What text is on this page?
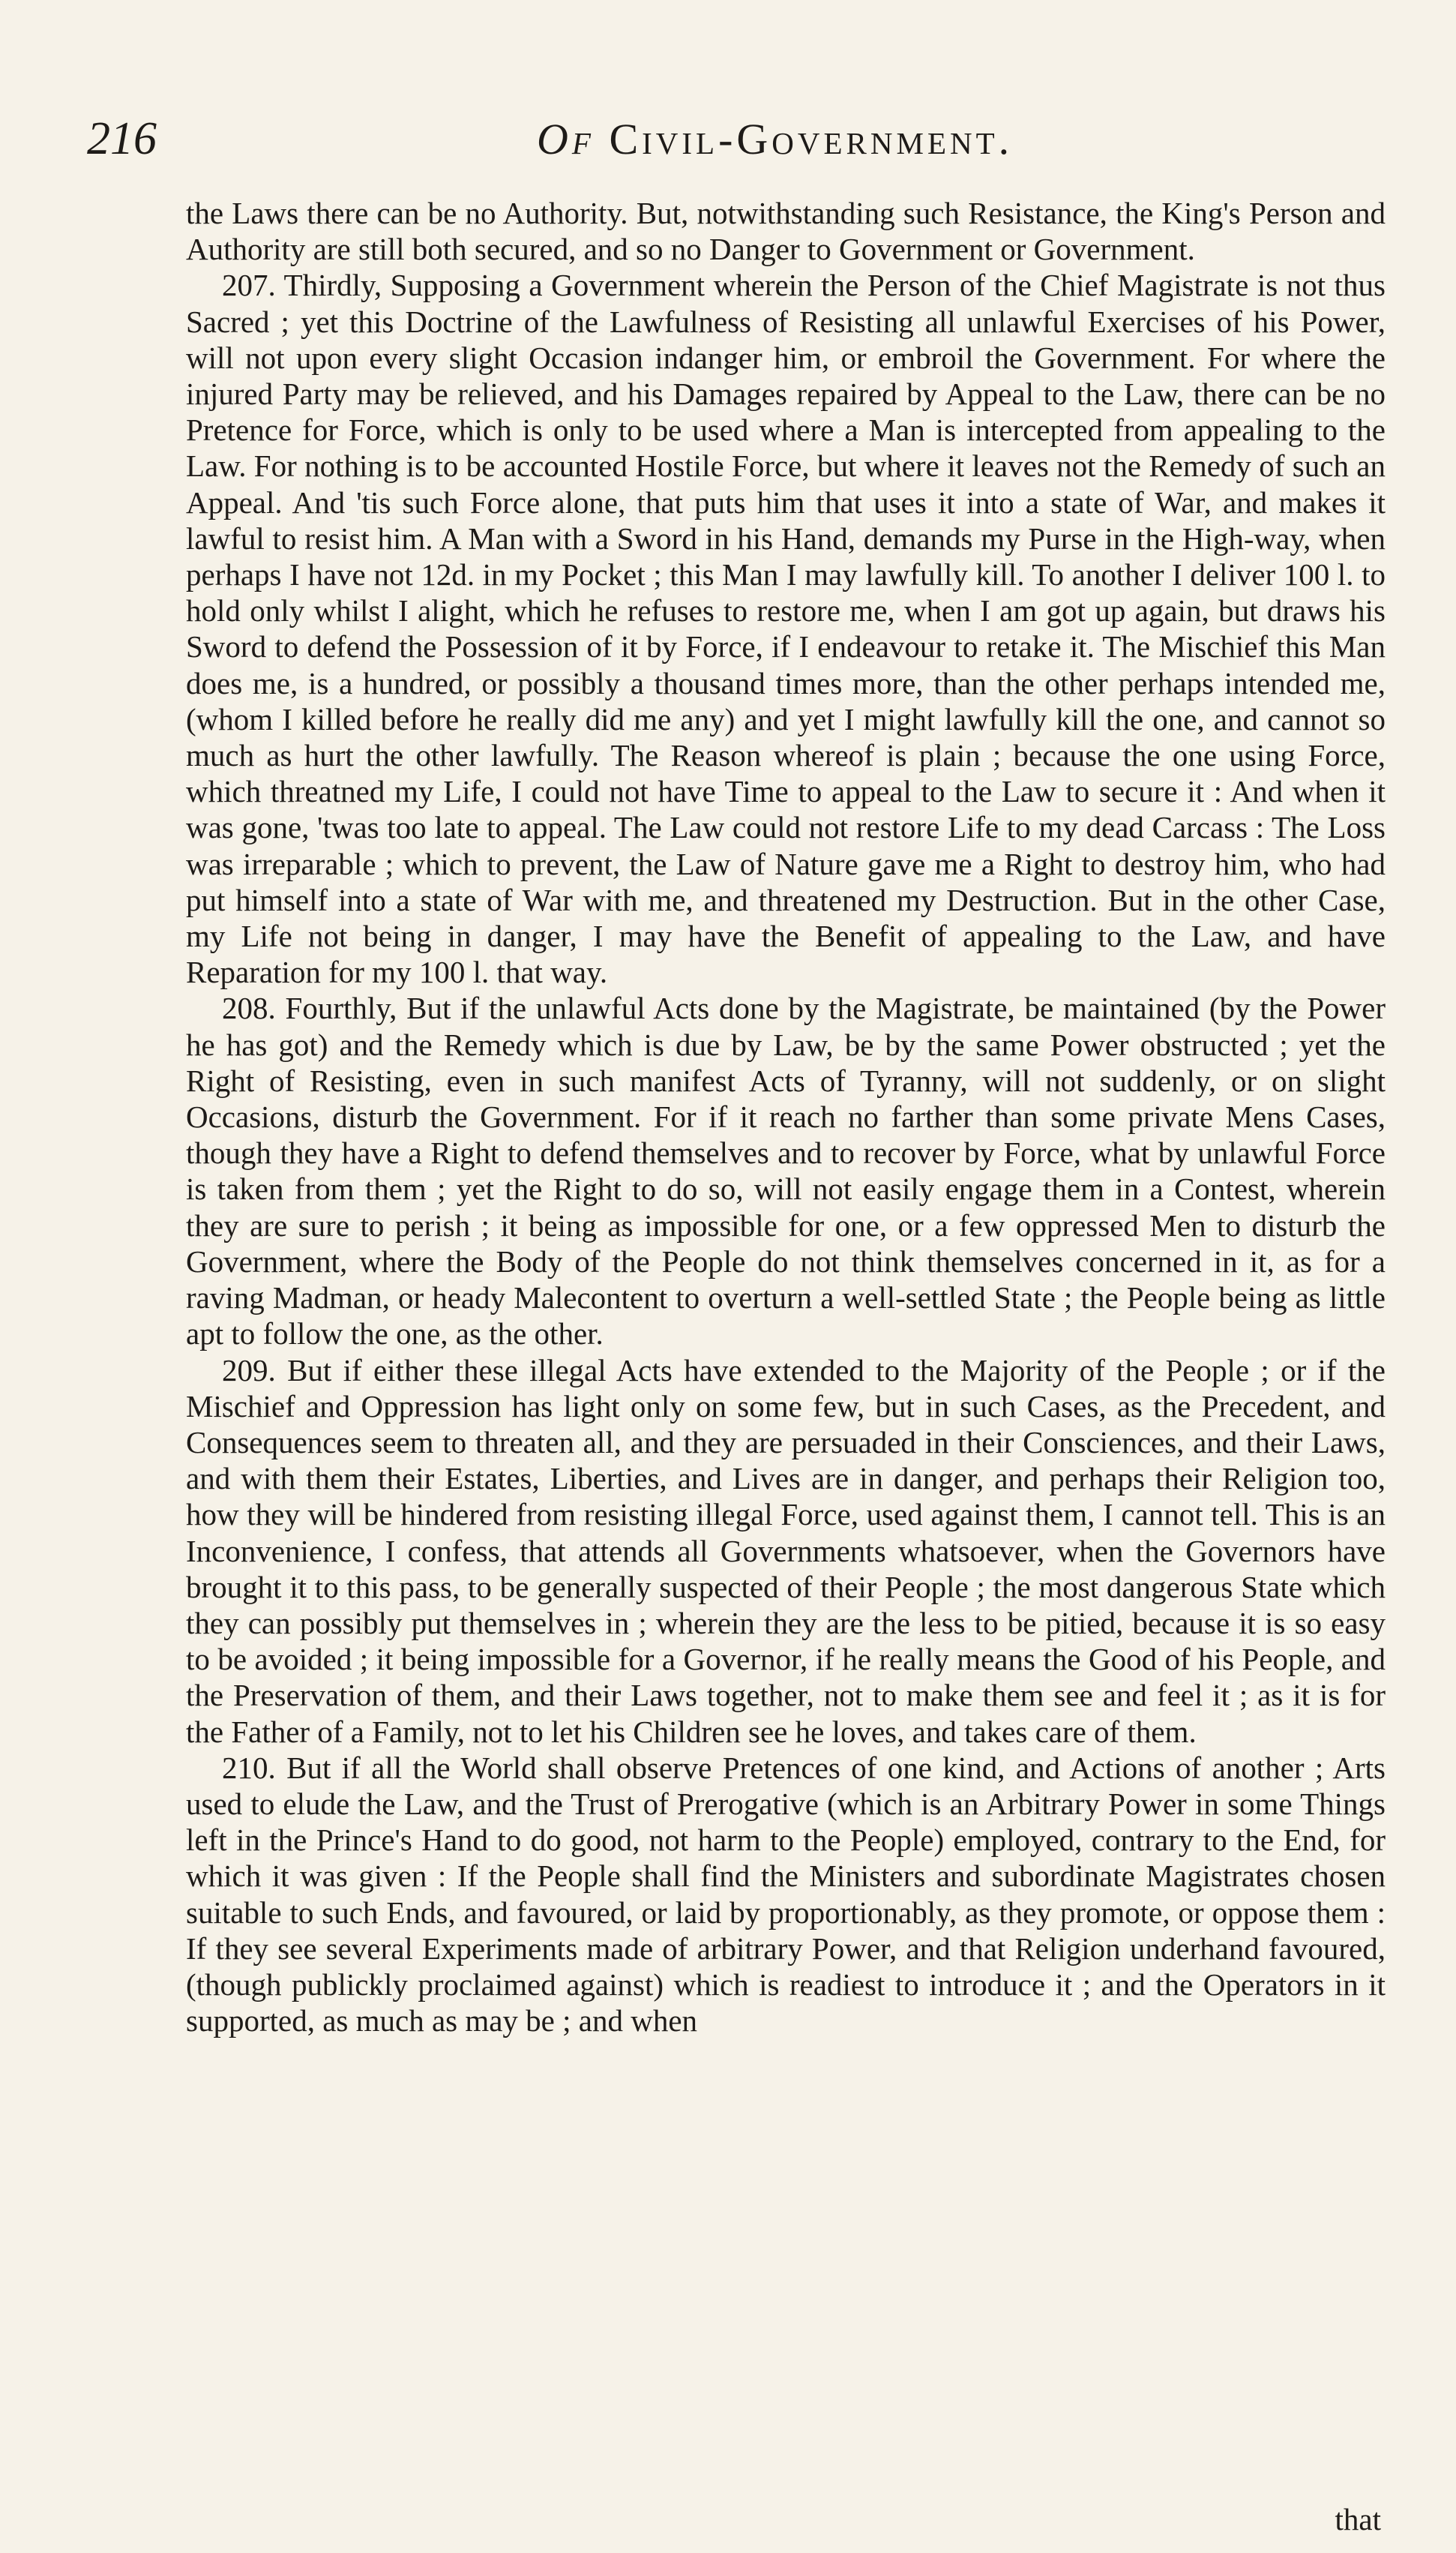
216	Of Civil-Government.

the Laws there can be no Authority. But, notwithstanding such Resistance, the King's Person and Authority are still both secured, and so no Danger to Government or Government.

207. Thirdly, Supposing a Government wherein the Person of the Chief Magistrate is not thus Sacred ; yet this Doctrine of the Lawfulness of Resisting all unlawful Exercises of his Power, will not upon every slight Occasion indanger him, or embroil the Government. For where the injured Party may be relieved, and his Damages repaired by Appeal to the Law, there can be no Pretence for Force, which is only to be used where a Man is intercepted from appealing to the Law. For nothing is to be accounted Hostile Force, but where it leaves not the Remedy of such an Appeal. And 'tis such Force alone, that puts him that uses it into a state of War, and makes it lawful to resist him. A Man with a Sword in his Hand, demands my Purse in the High-way, when perhaps I have not 12d. in my Pocket ; this Man I may lawfully kill. To another I deliver 100 l. to hold only whilst I alight, which he refuses to restore me, when I am got up again, but draws his Sword to defend the Possession of it by Force, if I endeavour to retake it. The Mischief this Man does me, is a hundred, or possibly a thousand times more, than the other perhaps intended me, (whom I killed before he really did me any) and yet I might lawfully kill the one, and cannot so much as hurt the other lawfully. The Reason whereof is plain ; because the one using Force, which threatned my Life, I could not have Time to appeal to the Law to secure it : And when it was gone, 'twas too late to appeal. The Law could not restore Life to my dead Carcass : The Loss was irreparable ; which to prevent, the Law of Nature gave me a Right to destroy him, who had put himself into a state of War with me, and threatened my Destruction. But in the other Case, my Life not being in danger, I may have the Benefit of appealing to the Law, and have Reparation for my 100 l. that way.

208. Fourthly, But if the unlawful Acts done by the Magistrate, be maintained (by the Power he has got) and the Remedy which is due by Law, be by the same Power obstructed ; yet the Right of Resisting, even in such manifest Acts of Tyranny, will not suddenly, or on slight Occasions, disturb the Government. For if it reach no farther than some private Mens Cases, though they have a Right to defend themselves and to recover by Force, what by unlawful Force is taken from them ; yet the Right to do so, will not easily engage them in a Contest, wherein they are sure to perish ; it being as impossible for one, or a few oppressed Men to disturb the Government, where the Body of the People do not think themselves concerned in it, as for a raving Madman, or heady Malecontent to overturn a well-settled State ; the People being as little apt to follow the one, as the other.

209. But if either these illegal Acts have extended to the Majority of the People ; or if the Mischief and Oppression has light only on some few, but in such Cases, as the Precedent, and Consequences seem to threaten all, and they are persuaded in their Consciences, and their Laws, and with them their Estates, Liberties, and Lives are in danger, and perhaps their Religion too, how they will be hindered from resisting illegal Force, used against them, I cannot tell. This is an Inconvenience, I confess, that attends all Governments whatsoever, when the Governors have brought it to this pass, to be generally suspected of their People ; the most dangerous State which they can possibly put themselves in ; wherein they are the less to be pitied, because it is so easy to be avoided ; it being impossible for a Governor, if he really means the Good of his People, and the Preservation of them, and their Laws together, not to make them see and feel it ; as it is for the Father of a Family, not to let his Children see he loves, and takes care of them.

210. But if all the World shall observe Pretences of one kind, and Actions of another ; Arts used to elude the Law, and the Trust of Prerogative (which is an Arbitrary Power in some Things left in the Prince's Hand to do good, not harm to the People) employed, contrary to the End, for which it was given : If the People shall find the Ministers and subordinate Magistrates chosen suitable to such Ends, and favoured, or laid by proportionably, as they promote, or oppose them : If they see several Experiments made of arbitrary Power, and that Religion underhand favoured, (though publickly proclaimed against) which is readiest to introduce it ; and the Operators in it supported, as much as may be ; and when

that
